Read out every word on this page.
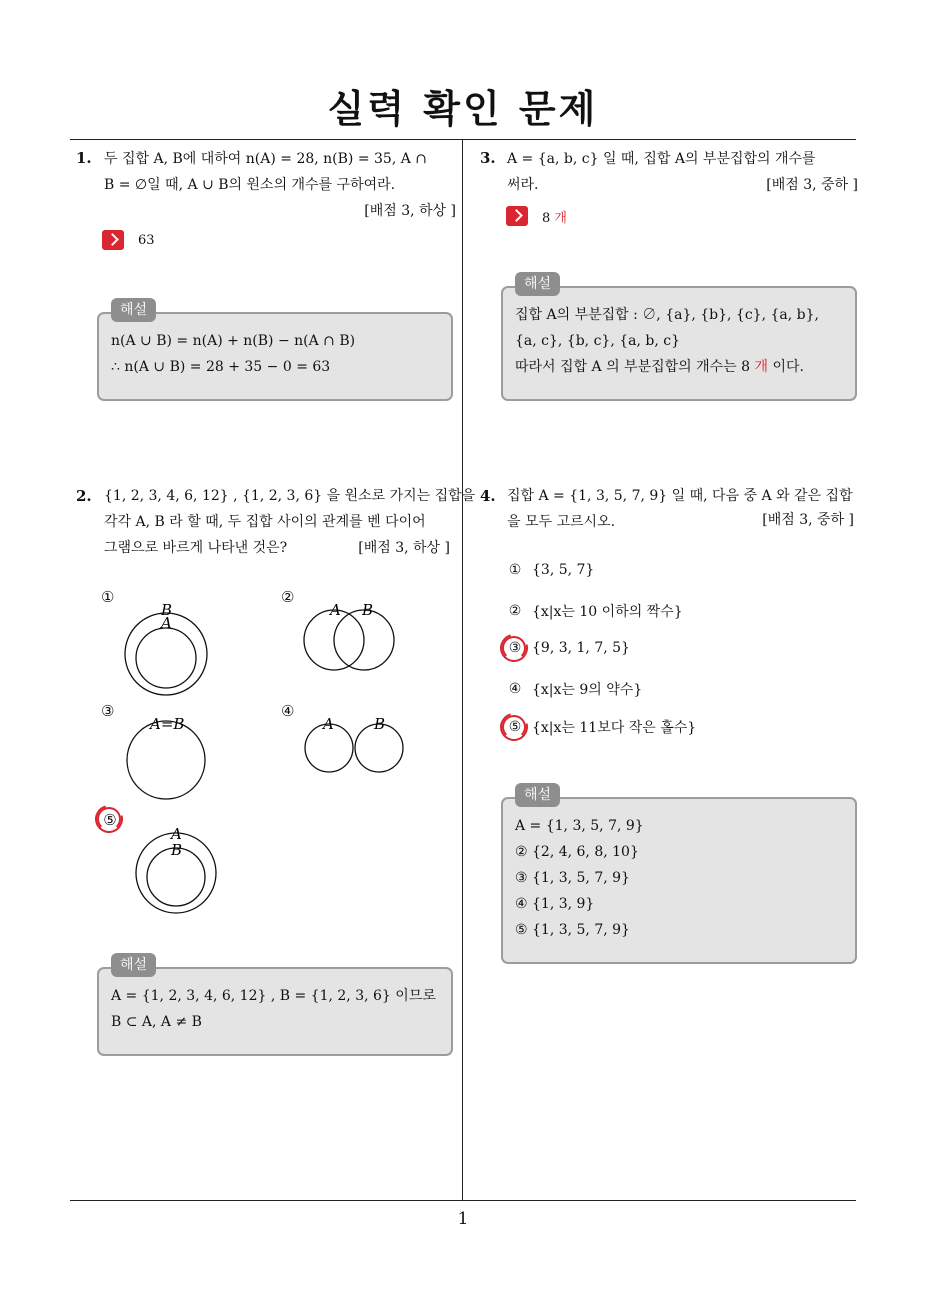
실력 확인 문제
1
1. 두 집합 A, B에 대하여 n(A) = 28, n(B) = 35, A ∩
B = ∅일 때, A ∪ B의 원소의 개수를 구하여라.
[배점 3, 하상 ]
63
해설
n(A ∪ B) = n(A) + n(B) − n(A ∩ B)
∴ n(A ∪ B) = 28 + 35 − 0 = 63
2. {1, 2, 3, 4, 6, 12} , {1, 2, 3, 6} 을 원소로 가지는 집합을
각각 A, B 라 할 때, 두 집합 사이의 관계를 벤 다이어
그램으로 바르게 나타낸 것은?	[배점 3, 하상 ]
①	②
③	④
⑤
B
A
A B
A=B	A	B
A
B
해설
A = {1, 2, 3, 4, 6, 12} , B = {1, 2, 3, 6} 이므로
B ⊂ A, A ≠ B
3. A = {a, b, c} 일 때, 집합 A의 부분집합의 개수를
써라.	[배점 3, 중하 ]
8 개
해설
집합 A의 부분집합 : ∅, {a}, {b}, {c}, {a, b},
{a, c}, {b, c}, {a, b, c}
따라서 집합 A 의 부분집합의 개수는 8 개 이다.
4. 집합 A = {1, 3, 5, 7, 9} 일 때, 다음 중 A 와 같은 집합
을 모두 고르시오.	[배점 3, 중하 ]
① {3, 5, 7}
② {x|x는 10 이하의 짝수}
③ {9, 3, 1, 7, 5}
④ {x|x는 9의 약수}
⑤ {x|x는 11보다 작은 홀수}
해설
A = {1, 3, 5, 7, 9}
② {2, 4, 6, 8, 10}
③ {1, 3, 5, 7, 9}
④ {1, 3, 9}
⑤ {1, 3, 5, 7, 9}
